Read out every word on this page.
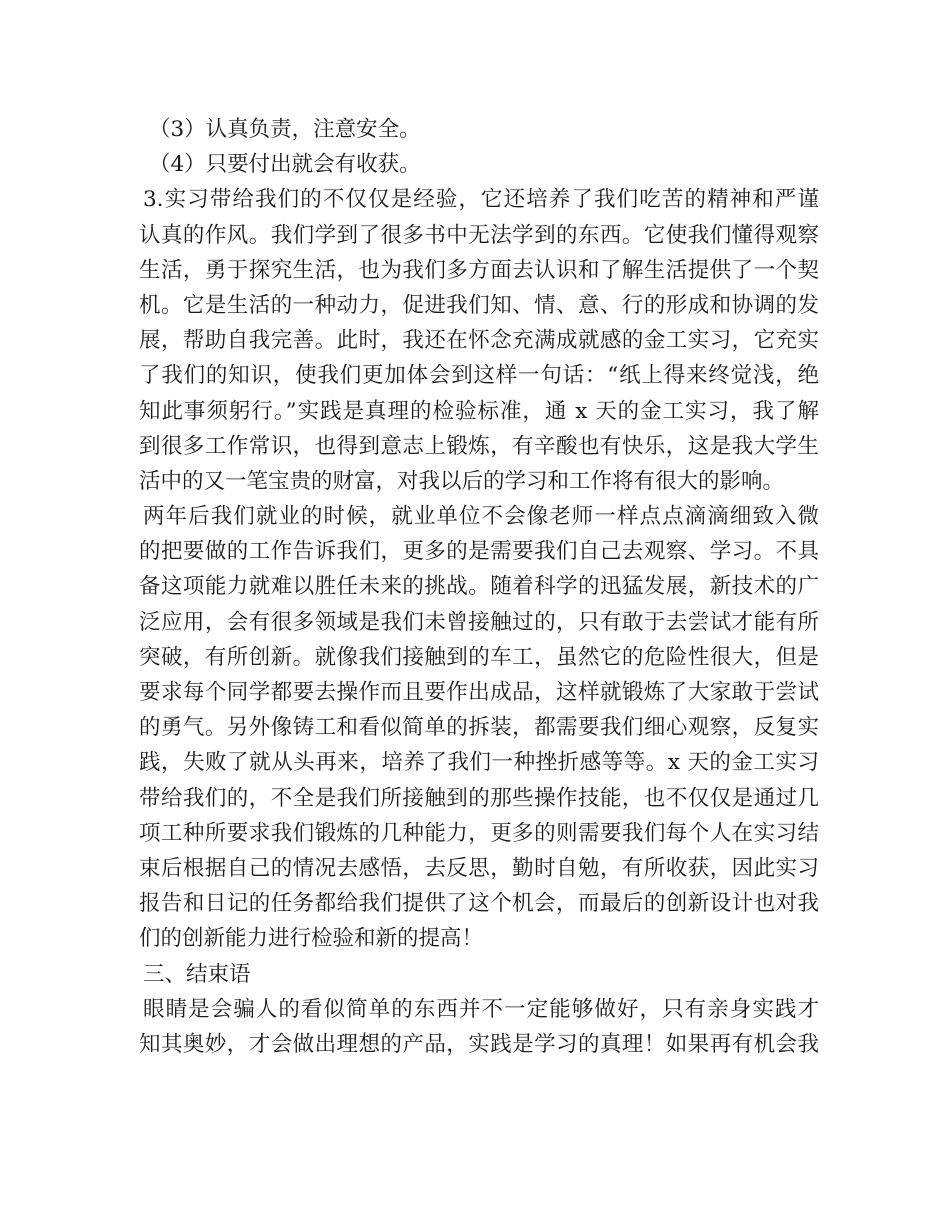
（3）认真负责，注意安全。
（4）只要付出就会有收获。
3.实习带给我们的不仅仅是经验，它还培养了我们吃苦的精神和严谨
认真的作风。我们学到了很多书中无法学到的东西。它使我们懂得观察
生活，勇于探究生活，也为我们多方面去认识和了解生活提供了一个契
机。它是生活的一种动力，促进我们知、情、意、行的形成和协调的发
展，帮助自我完善。此时，我还在怀念充满成就感的金工实习，它充实
了我们的知识，使我们更加体会到这样一句话：“纸上得来终觉浅，绝
知此事须躬行。”实践是真理的检验标准，通 x 天的金工实习，我了解
到很多工作常识，也得到意志上锻炼，有辛酸也有快乐，这是我大学生
活中的又一笔宝贵的财富，对我以后的学习和工作将有很大的影响。
两年后我们就业的时候，就业单位不会像老师一样点点滴滴细致入微
的把要做的工作告诉我们，更多的是需要我们自己去观察、学习。不具
备这项能力就难以胜任未来的挑战。随着科学的迅猛发展，新技术的广
泛应用，会有很多领域是我们未曾接触过的，只有敢于去尝试才能有所
突破，有所创新。就像我们接触到的车工，虽然它的危险性很大，但是
要求每个同学都要去操作而且要作出成品，这样就锻炼了大家敢于尝试
的勇气。另外像铸工和看似简单的拆装，都需要我们细心观察，反复实
践，失败了就从头再来，培养了我们一种挫折感等等。x 天的金工实习
带给我们的，不全是我们所接触到的那些操作技能，也不仅仅是通过几
项工种所要求我们锻炼的几种能力，更多的则需要我们每个人在实习结
束后根据自己的情况去感悟，去反思，勤时自勉，有所收获，因此实习
报告和日记的任务都给我们提供了这个机会，而最后的创新设计也对我
们的创新能力进行检验和新的提高！
三、结束语
眼睛是会骗人的看似简单的东西并不一定能够做好，只有亲身实践才
知其奥妙，才会做出理想的产品，实践是学习的真理！如果再有机会我
